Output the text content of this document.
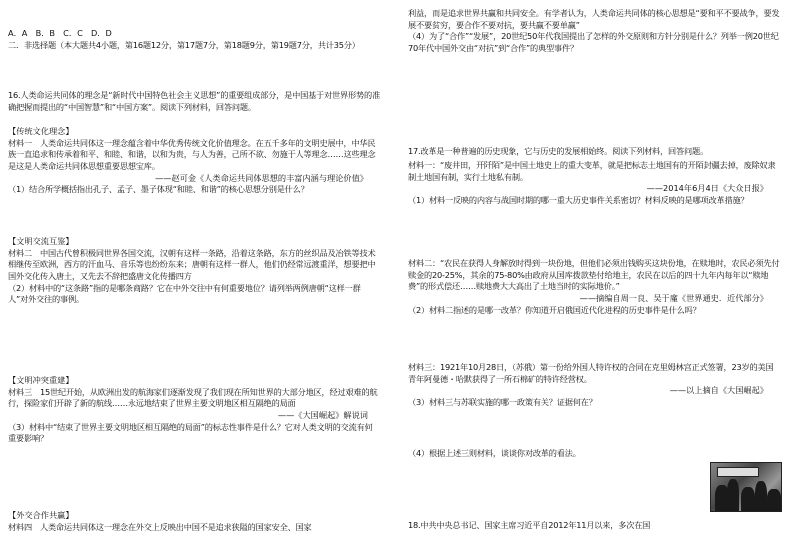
A．A　B．B　C．C　D．D

二．非选择题（本大题共4小题，第16题12分，第17题7分，第18题9分，第19题7分，共计35分）

16.人类命运共同体的理念是“新时代中国特色社会主义思想”的重要组成部分，是中国基于对世界形势的准确把握而提出的“中国智慧”和“中国方案”。阅读下列材料，回答问题。

【传统文化理念】

材料一　人类命运共同体这一理念蕴含着中华优秀传统文化价值理念。在五千多年的文明史展中，中华民族一直追求和传承着和平、和睦、和谐，以和为贵，与人为善，己所不欲、勿施于人等理念……这些理念是这是人类命运共同体思想重要思想宝库。

——赵可金《人类命运共同体思想的丰富内涵与理论价值》

（1）结合所学概括指出孔子、孟子、墨子体现“和睦、和谐”的核心思想分别是什么？

【文明交流互鉴】

材料二　中国古代曾积极同世界各国交流，汉朝有这样一条路，沿着这条路，东方的丝织品及冶铁等技术相继传至欧洲，西方的汗血马、音乐等也纷纷东来；唐朝有这样一群人，他们仍经常远渡重洋，想要把中国外交化传入唐土，又先去不辞把盛唐文化传播四方

（2）材料中的“这条路”指的是哪条商路？它在中外交往中有何重要地位？请列举两例唐朝“这样一群人”对外交往的事例。

【文明冲突重建】

材料三　15世纪开始，从欧洲出发的航海家们逐渐发现了我们现在所知世界的大部分地区，经过艰难的航行，探险家们开辟了新的航线……永远地结束了世界主要文明地区相互隔绝的局面

——《大国崛起》解说词

（3）材料中“结束了世界主要文明地区相互隔绝的局面”的标志性事件是什么？它对人类文明的交流有何重要影响？

【外交合作共赢】

材料四　人类命运共同体这一理念在外交上反映出中国不是追求狭隘的国家安全、国家

利益，而是追求世界共赢和共同安全。有学者认为，人类命运共同体的核心思想是“要和平不要战争，要发展不要贫穷，要合作不要对抗，要共赢不要单赢”

（4）为了“合作”“发展”，20世纪50年代我国提出了怎样的外交原则和方针分别是什么？列举一例20世纪70年代中国外交由“对抗”到“合作”的典型事件？

17.改革是一种普遍的历史现象，它与历史的发展相始终。阅读下列材料，回答问题。

材料一：“废井田，开阡陌”是中国土地史上的重大变革，就是把标志土地国有的开陌封疆去掉，废除奴隶制土地国有制，实行土地私有制。

——2014年6月4日《大众日报》

（1）材料一反映的内容与战国时期的哪一重大历史事件关系密切？材料反映的是哪项改革措施？

材料二：“农民在获得人身解放时得到一块份地，但他们必须出钱购买这块份地，在赎地时，农民必须先付赎金的20-25%，其余的75-80%由政府从国库拨款垫付给地主，农民在以后的四十九年内每年以“赎地费”的形式偿还……赎地费大大高出了土地当时的实际地价。”

——摘编自周一良、吴于廑《世界通史．近代部分》

（2）材料二指述的是哪一改革？你知道开启俄国近代化进程的历史事件是什么吗？

材料三：1921年10月28日，（苏俄）第一份给外国人特许权的合同在克里姆林宫正式签署，23岁的美国青年阿曼德・哈默获得了一所石棉矿的特许经营权。

——以上摘自《大国崛起》

（3）材料三与苏联实施的哪一政策有关？证据何在？

（4）根据上述三则材料，谈谈你对改革的看法。

18.中共中央总书记、国家主席习近平自2012年11月以来，多次在国
